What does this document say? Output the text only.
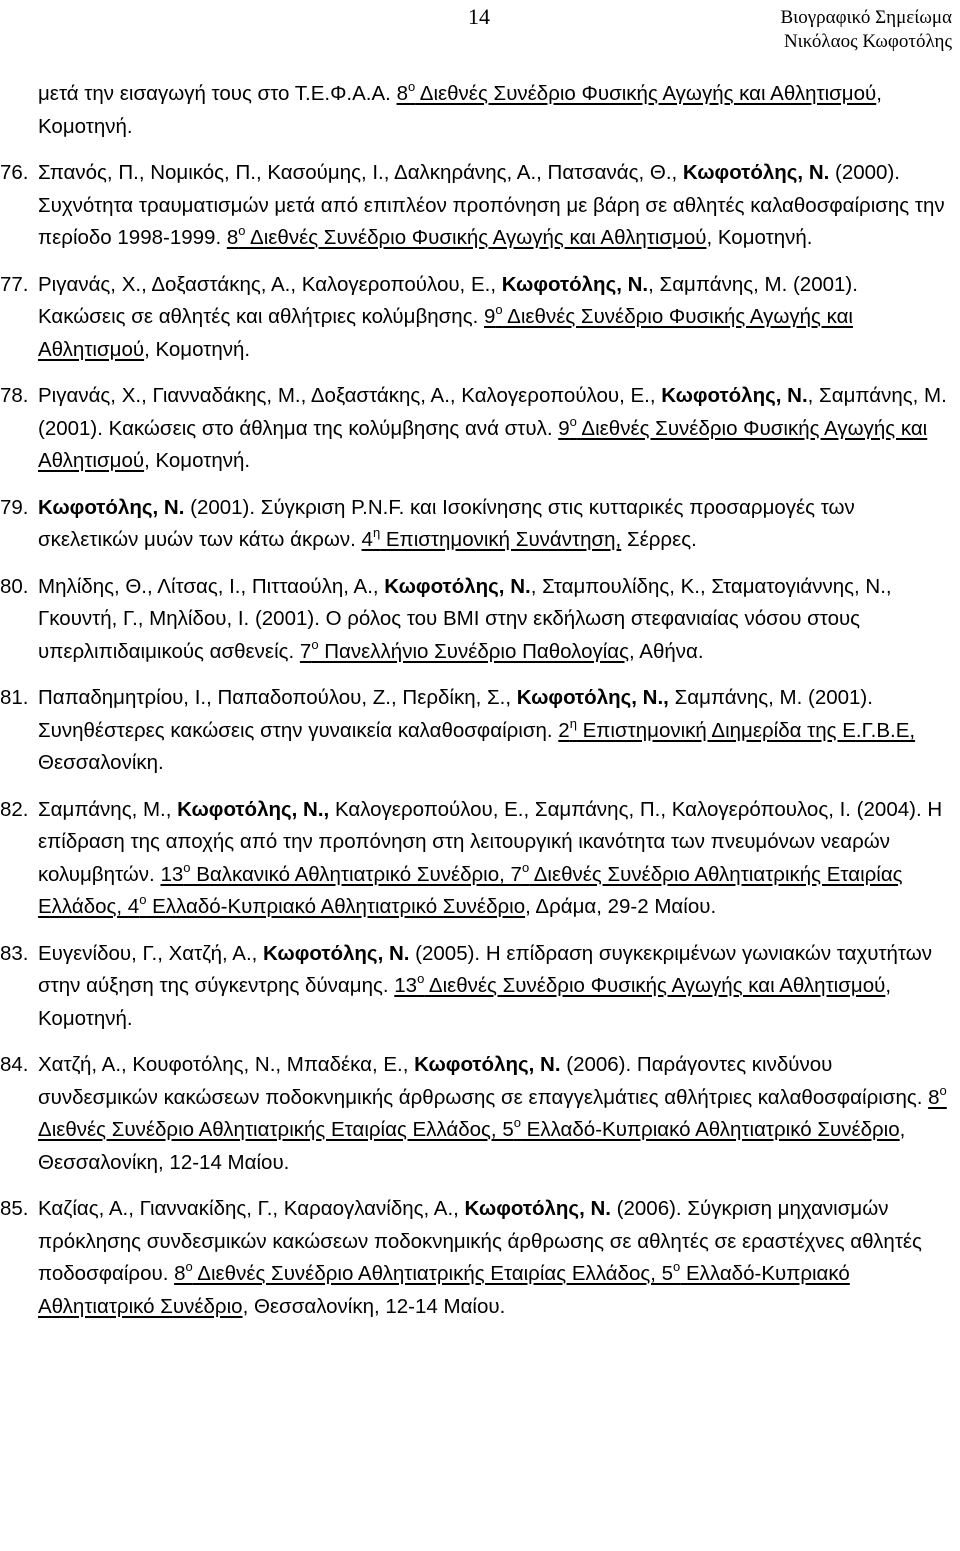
14	Βιογραφικό Σημείωμα
Νικόλαος Κωφοτόλης

μετά την εισαγωγή τους στο Τ.Ε.Φ.Α.Α. $8^o$ Διεθνές Συνέδριο Φυσικής Αγωγής και Αθλητισμού, Κομοτηνή.

76. Σπανός, Π., Νομικός, Π., Κασούμης, Ι., Δαλκηράνης, Α., Πατσανάς, Θ., Κωφοτόλης, Ν. (2000). Συχνότητα τραυματισμών μετά από επιπλέον προπόνηση με βάρη σε αθλητές καλαθοσφαίρισης την περίοδο 1998-1999. $8^o$ Διεθνές Συνέδριο Φυσικής Αγωγής και Αθλητισμού, Κομοτηνή.
77. Ριγανάς, Χ., Δοξαστάκης, Α., Καλογεροπούλου, Ε., Κωφοτόλης, Ν., Σαμπάνης, Μ. (2001). Κακώσεις σε αθλητές και αθλήτριες κολύμβησης. $9^o$ Διεθνές Συνέδριο Φυσικής Αγωγής και Αθλητισμού, Κομοτηνή.
78. Ριγανάς, Χ., Γιανναδάκης, Μ., Δοξαστάκης, Α., Καλογεροπούλου, Ε., Κωφοτόλης, Ν., Σαμπάνης, Μ. (2001). Κακώσεις στο άθλημα της κολύμβησης ανά στυλ. $9^o$ Διεθνές Συνέδριο Φυσικής Αγωγής και Αθλητισμού, Κομοτηνή.
79. Κωφοτόλης, Ν. (2001). Σύγκριση P.N.F. και Ισοκίνησης στις κυτταρικές προσαρμογές των σκελετικών μυών των κάτω άκρων. $4^\eta$ Επιστημονική Συνάντηση, Σέρρες.
80. Μηλίδης, Θ., Λίτσας, Ι., Πιτταούλη, Α., Κωφοτόλης, Ν., Σταμπουλίδης, Κ., Σταματογιάννης, Ν., Γκουντή, Γ., Μηλίδου, Ι. (2001). Ο ρόλος του ΒΜΙ στην εκδήλωση στεφανιαίας νόσου στους υπερλιπιδαιμικούς ασθενείς. $7^o$ Πανελλήνιο Συνέδριο Παθολογίας, Αθήνα.
81. Παπαδημητρίου, Ι., Παπαδοπούλου, Ζ., Περδίκη, Σ., Κωφοτόλης, Ν., Σαμπάνης, Μ. (2001). Συνηθέστερες κακώσεις στην γυναικεία καλαθοσφαίριση. $2^\eta$ Επιστημονική Διημερίδα της Ε.Γ.Β.Ε, Θεσσαλονίκη.
82. Σαμπάνης, Μ., Κωφοτόλης, Ν., Καλογεροπούλου, Ε., Σαμπάνης, Π., Καλογερόπουλος, Ι. (2004). Η επίδραση της αποχής από την προπόνηση στη λειτουργική ικανότητα των πνευμόνων νεαρών κολυμβητών. $13^o$ Βαλκανικό Αθλητιατρικό Συνέδριο, $7^o$ Διεθνές Συνέδριο Αθλητιατρικής Εταιρίας Ελλάδος, $4^o$ Ελλαδό-Κυπριακό Αθλητιατρικό Συνέδριο, Δράμα, 29-2 Μαίου.
83. Ευγενίδου, Γ., Χατζή, Α., Κωφοτόλης, Ν. (2005). Η επίδραση συγκεκριμένων γωνιακών ταχυτήτων στην αύξηση της σύγκεντρης δύναμης. $13^o$ Διεθνές Συνέδριο Φυσικής Αγωγής και Αθλητισμού, Κομοτηνή.
84. Χατζή, Α., Κουφοτόλης, Ν., Μπαδέκα, Ε., Κωφοτόλης, Ν. (2006). Παράγοντες κινδύνου συνδεσμικών κακώσεων ποδοκνημικής άρθρωσης σε επαγγελμάτιες αθλήτριες καλαθοσφαίρισης. $8^o$ Διεθνές Συνέδριο Αθλητιατρικής Εταιρίας Ελλάδος, $5^o$ Ελλαδό-Κυπριακό Αθλητιατρικό Συνέδριο, Θεσσαλονίκη, 12-14 Μαίου.
85. Καζίας, Α., Γιαννακίδης, Γ., Καραογλανίδης, Α., Κωφοτόλης, Ν. (2006). Σύγκριση μηχανισμών πρόκλησης συνδεσμικών κακώσεων ποδοκνημικής άρθρωσης σε αθλητές σε εραστέχνες αθλητές ποδοσφαίρου. $8^o$ Διεθνές Συνέδριο Αθλητιατρικής Εταιρίας Ελλάδος, $5^o$ Ελλαδό-Κυπριακό Αθλητιατρικό Συνέδριο, Θεσσαλονίκη, 12-14 Μαίου.
